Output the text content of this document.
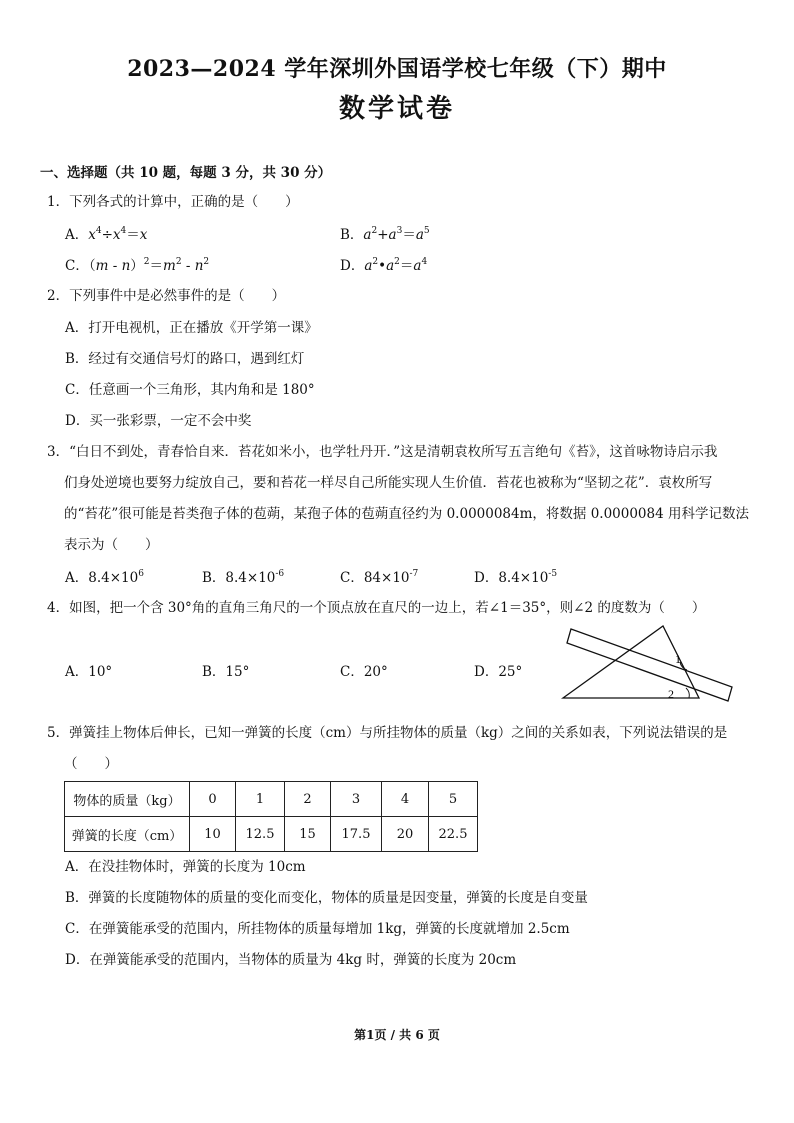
2023—2024 学年深圳外国语学校七年级（下）期中
数学试卷
一、选择题（共 10 题，每题 3 分，共 30 分）
1．下列各式的计算中，正确的是（　　）
A．$x^4\div x^4=x$	B．$a^2+a^3=a^5$
C．$(m - n)^2=m^2 - n^2$	D．$a^2•a^2=a^4$
2．下列事件中是必然事件的是（　　）
A．打开电视机，正在播放《开学第一课》
B．经过有交通信号灯的路口，遇到红灯
C．任意画一个三角形，其内角和是 180°
D．买一张彩票，一定不会中奖
3．“白日不到处，青春恰自来．苔花如米小，也学牡丹开．”这是清朝袁枚所写五言绝句《苔》，这首咏物诗启示我
们身处逆境也要努力绽放自己，要和苔花一样尽自己所能实现人生价值．苔花也被称为“坚韧之花”．袁枚所写
的“苔花”很可能是苔类孢子体的苞蒴，某孢子体的苞蒴直径约为 0.0000084m，将数据 0.0000084 用科学记数法
表示为（　　）
A．$8.4\times 10^6$	B．$8.4\times 10^{-6}$	C．$84\times 10^{-7}$	D．$8.4\times 10^{-5}$
4．如图，把一个含 30°角的直角三角尺的一个顶点放在直尺的一边上，若∠1＝35°，则∠2 的度数为（　　）
A．10°	B．15°	C．20°	D．25°
1
2
5．弹簧挂上物体后伸长，已知一弹簧的长度（cm）与所挂物体的质量（kg）之间的关系如表，下列说法错误的是
（　　）
物体的质量（kg）	0	1	2	3	4	5
弹簧的长度（cm）	10	12.5	15	17.5	20	22.5
A．在没挂物体时，弹簧的长度为 10cm
B．弹簧的长度随物体的质量的变化而变化，物体的质量是因变量，弹簧的长度是自变量
C．在弹簧能承受的范围内，所挂物体的质量每增加 1kg，弹簧的长度就增加 2.5cm
D．在弹簧能承受的范围内，当物体的质量为 4kg 时，弹簧的长度为 20cm
第1页 / 共 6 页
